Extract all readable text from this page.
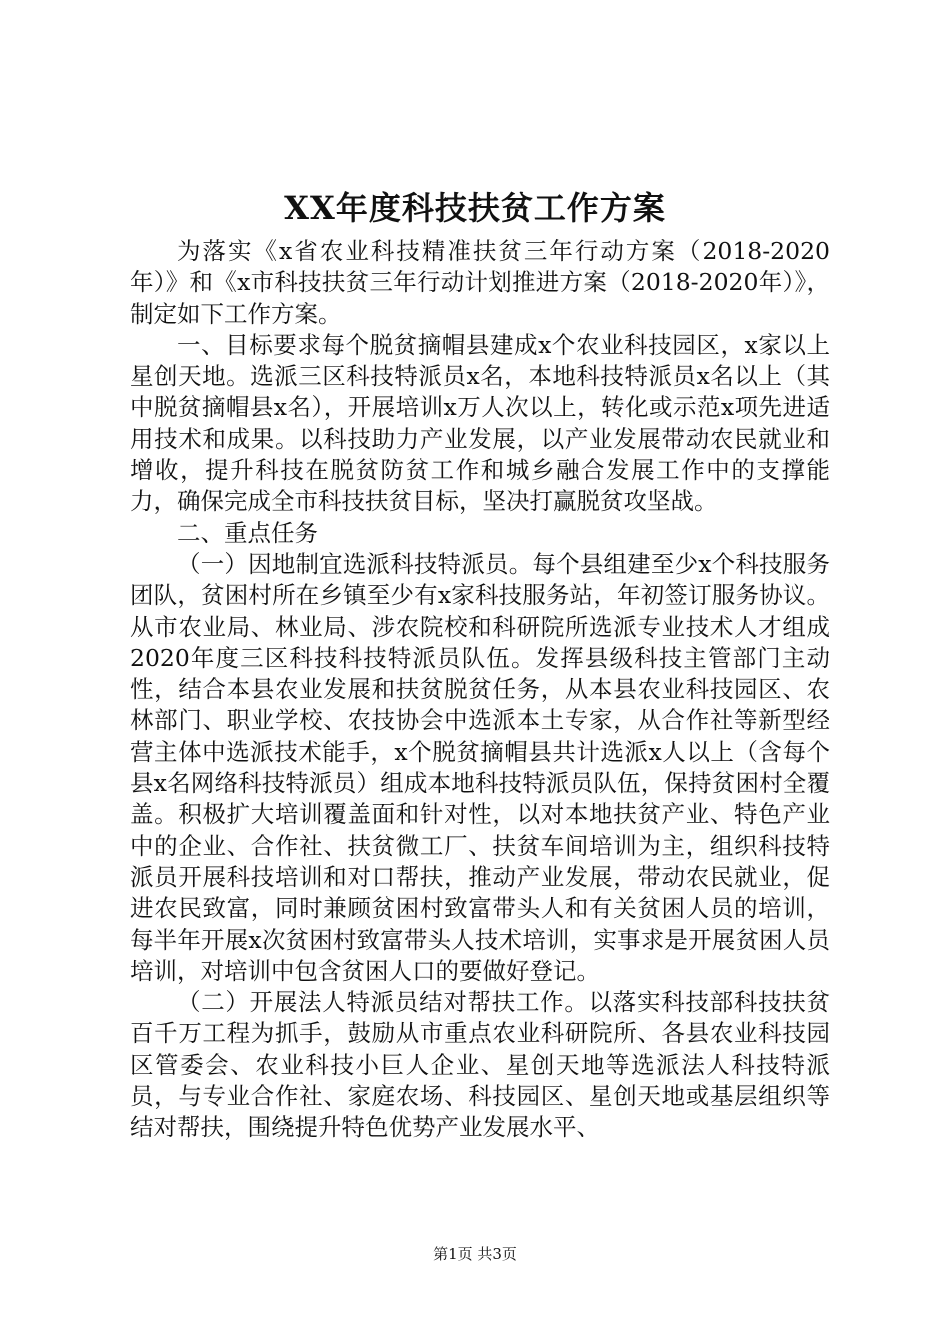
XX年度科技扶贫工作方案

为落实《x省农业科技精准扶贫三年行动方案（2018-2020年）》和《x市科技扶贫三年行动计划推进方案（2018-2020年）》，制定如下工作方案。

一、目标要求每个脱贫摘帽县建成x个农业科技园区，x家以上星创天地。选派三区科技特派员x名，本地科技特派员x名以上（其中脱贫摘帽县x名），开展培训x万人次以上，转化或示范x项先进适用技术和成果。以科技助力产业发展，以产业发展带动农民就业和增收，提升科技在脱贫防贫工作和城乡融合发展工作中的支撑能力，确保完成全市科技扶贫目标，坚决打赢脱贫攻坚战。

二、重点任务

（一）因地制宜选派科技特派员。每个县组建至少x个科技服务团队，贫困村所在乡镇至少有x家科技服务站，年初签订服务协议。从市农业局、林业局、涉农院校和科研院所选派专业技术人才组成2020年度三区科技科技特派员队伍。发挥县级科技主管部门主动性，结合本县农业发展和扶贫脱贫任务，从本县农业科技园区、农林部门、职业学校、农技协会中选派本土专家，从合作社等新型经营主体中选派技术能手，x个脱贫摘帽县共计选派x人以上（含每个县x名网络科技特派员）组成本地科技特派员队伍，保持贫困村全覆盖。积极扩大培训覆盖面和针对性，以对本地扶贫产业、特色产业中的企业、合作社、扶贫微工厂、扶贫车间培训为主，组织科技特派员开展科技培训和对口帮扶，推动产业发展，带动农民就业，促进农民致富，同时兼顾贫困村致富带头人和有关贫困人员的培训，每半年开展x次贫困村致富带头人技术培训，实事求是开展贫困人员培训，对培训中包含贫困人口的要做好登记。

（二）开展法人特派员结对帮扶工作。以落实科技部科技扶贫百千万工程为抓手，鼓励从市重点农业科研院所、各县农业科技园区管委会、农业科技小巨人企业、星创天地等选派法人科技特派员，与专业合作社、家庭农场、科技园区、星创天地或基层组织等结对帮扶，围绕提升特色优势产业发展水平、

第1页 共3页
